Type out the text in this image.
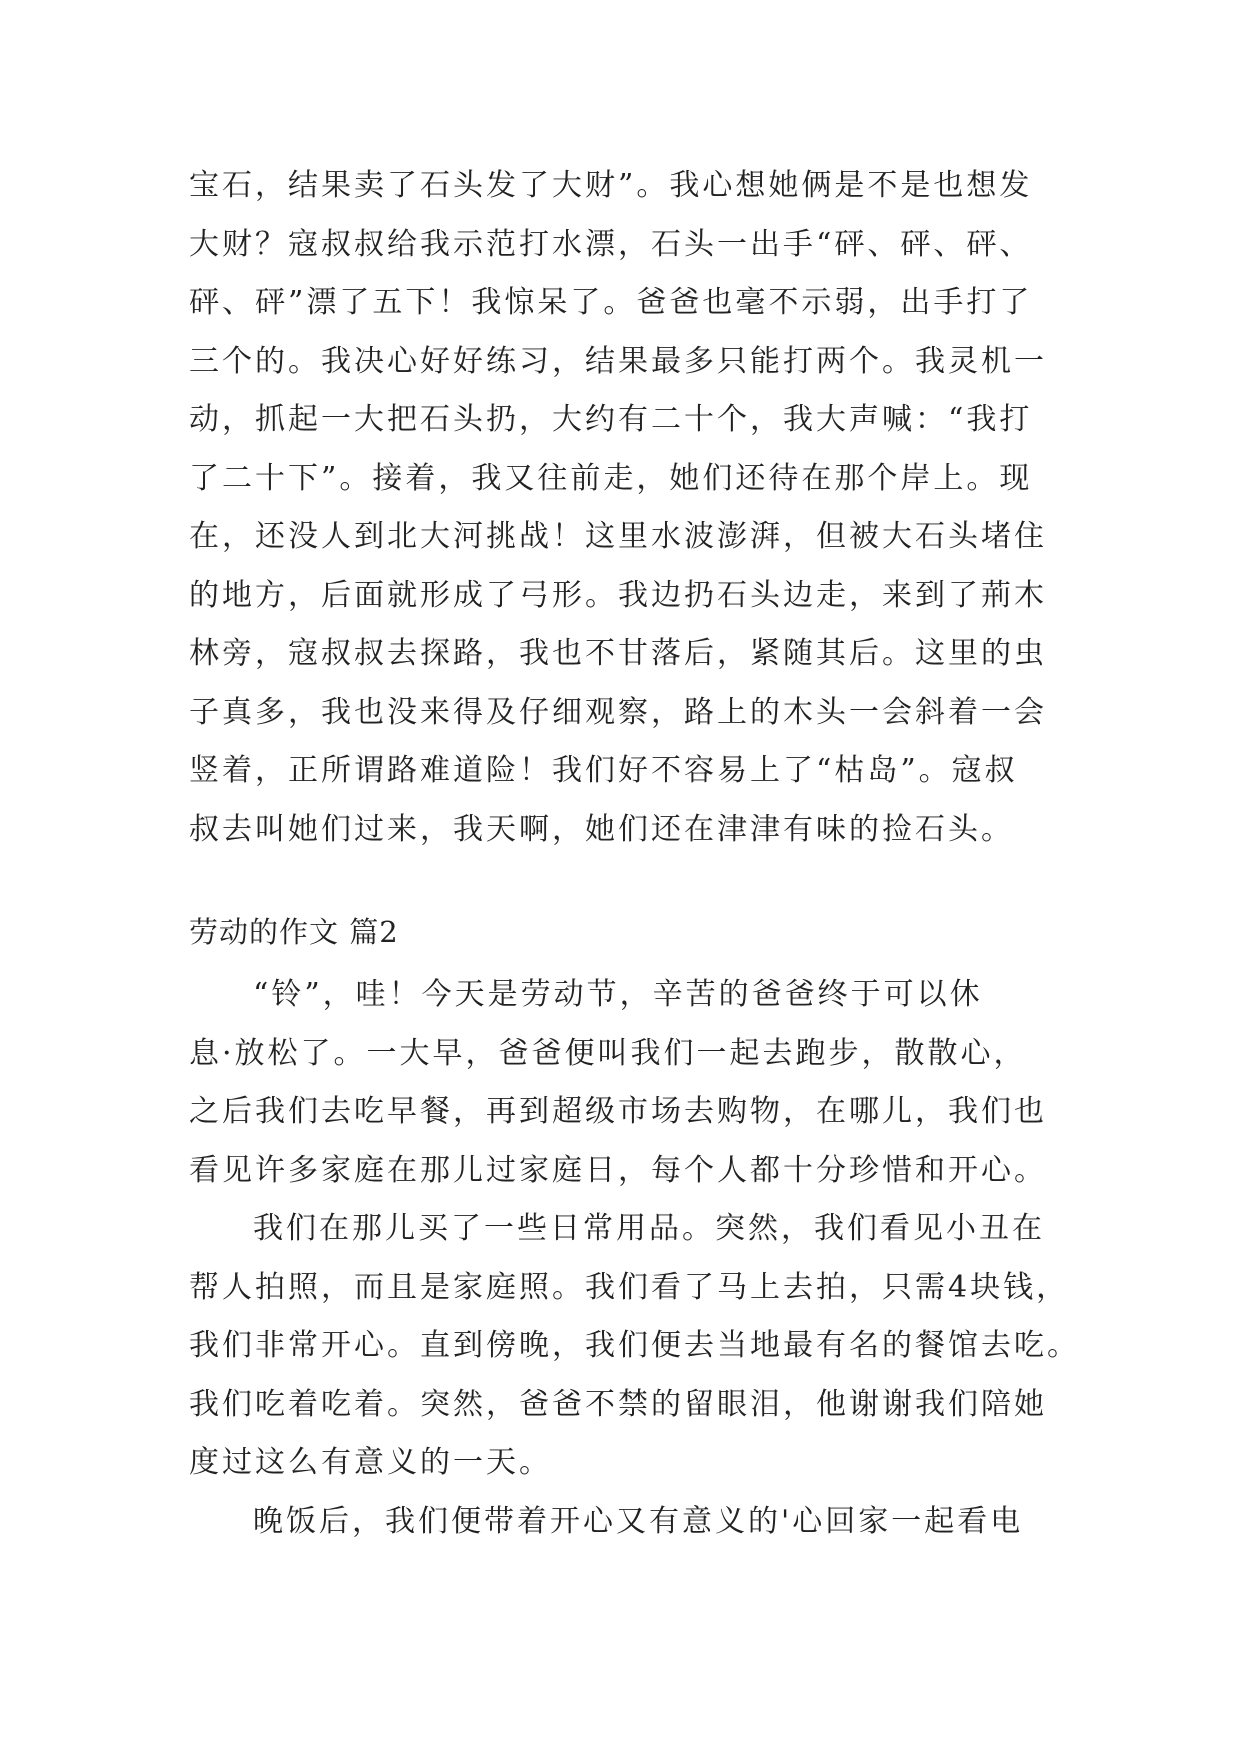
宝石，结果卖了石头发了大财”。我心想她俩是不是也想发
大财？寇叔叔给我示范打水漂，石头一出手“砰、砰、砰、
砰、砰”漂了五下！我惊呆了。爸爸也毫不示弱，出手打了
三个的。我决心好好练习，结果最多只能打两个。我灵机一
动，抓起一大把石头扔，大约有二十个，我大声喊：“我打
了二十下”。接着，我又往前走，她们还待在那个岸上。现
在，还没人到北大河挑战！这里水波澎湃，但被大石头堵住
的地方，后面就形成了弓形。我边扔石头边走，来到了荊木
林旁，寇叔叔去探路，我也不甘落后，紧随其后。这里的虫
子真多，我也没来得及仔细观察，路上的木头一会斜着一会
竖着，正所谓路难道险！我们好不容易上了“枯岛”。寇叔
叔去叫她们过来，我天啊，她们还在津津有味的捡石头。
劳动的作文 篇2
“铃”，哇！今天是劳动节，辛苦的爸爸终于可以休
息·放松了。一大早，爸爸便叫我们一起去跑步，散散心，
之后我们去吃早餐，再到超级市场去购物，在哪儿，我们也
看见许多家庭在那儿过家庭日，每个人都十分珍惜和开心。
我们在那儿买了一些日常用品。突然，我们看见小丑在
帮人拍照，而且是家庭照。我们看了马上去拍，只需4块钱，
我们非常开心。直到傍晚，我们便去当地最有名的餐馆去吃。
我们吃着吃着。突然，爸爸不禁的留眼泪，他谢谢我们陪她
度过这么有意义的一天。
晚饭后，我们便带着开心又有意义的'心回家一起看电
